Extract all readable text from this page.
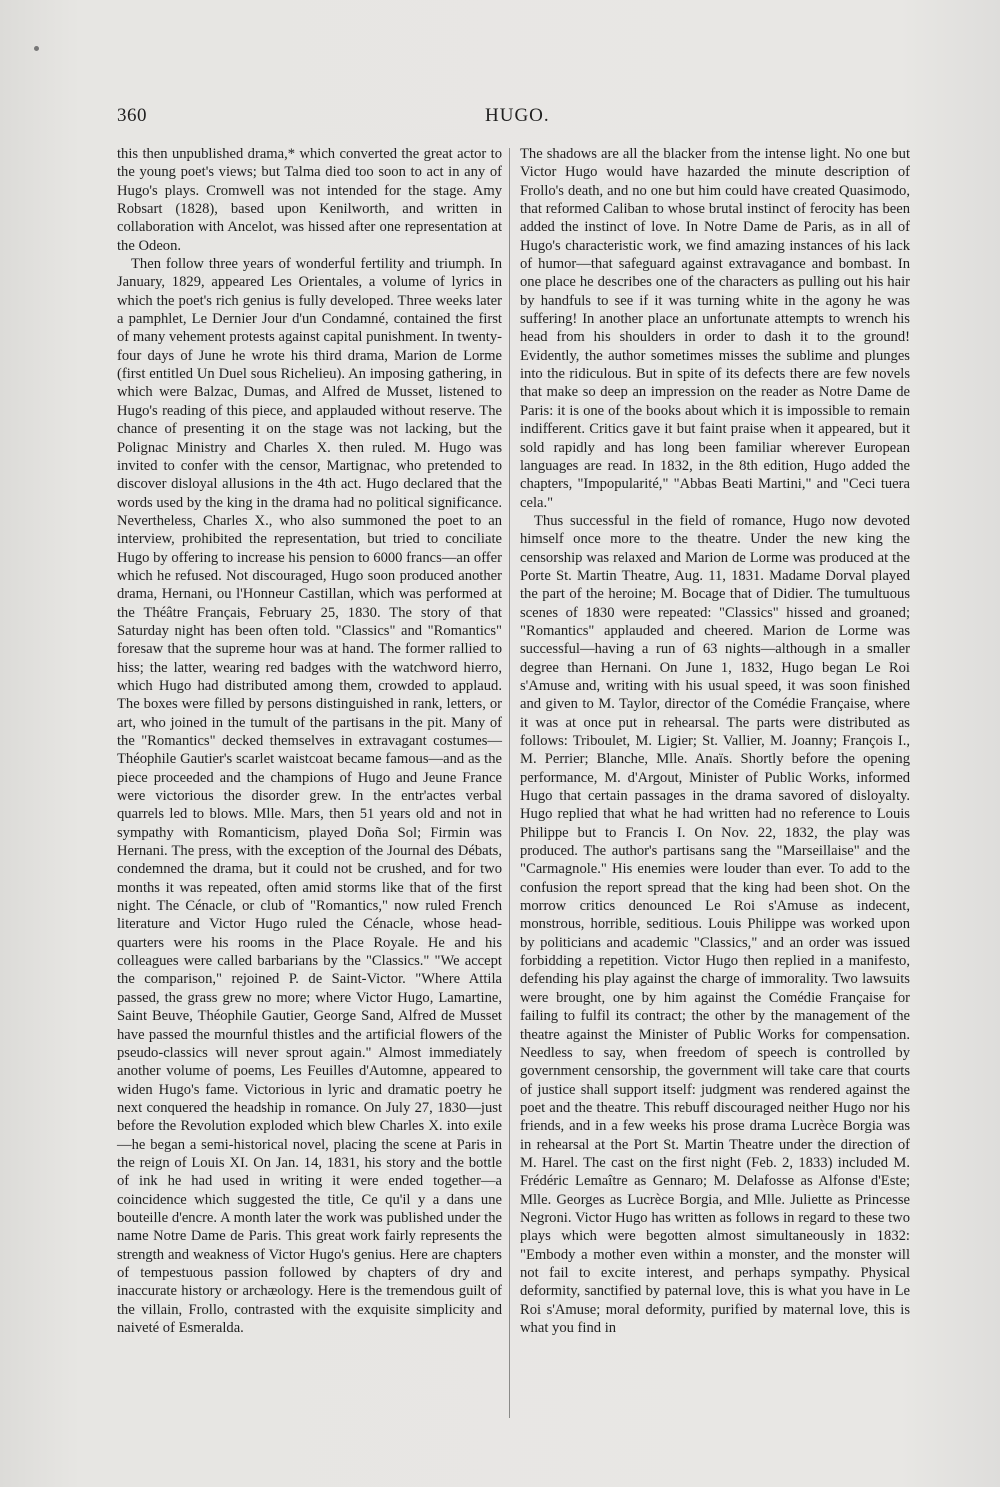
360	HUGO.

this then unpublished drama,* which converted the great actor to the young poet's views; but Talma died too soon to act in any of Hugo's plays. Cromwell was not intended for the stage. Amy Robsart (1828), based upon Kenilworth, and written in collaboration with Ancelot, was hissed after one representation at the Odeon.

Then follow three years of wonderful fertility and triumph. In January, 1829, appeared Les Orientales, a volume of lyrics in which the poet's rich genius is fully developed. Three weeks later a pamphlet, Le Dernier Jour d'un Condamné, contained the first of many vehement protests against capital punishment. In twenty-four days of June he wrote his third drama, Marion de Lorme (first entitled Un Duel sous Richelieu). An imposing gathering, in which were Balzac, Dumas, and Alfred de Musset, listened to Hugo's reading of this piece, and applauded without reserve. The chance of presenting it on the stage was not lacking, but the Polignac Ministry and Charles X. then ruled. M. Hugo was invited to confer with the censor, Martignac, who pretended to discover disloyal allusions in the 4th act. Hugo declared that the words used by the king in the drama had no political significance. Nevertheless, Charles X., who also summoned the poet to an interview, prohibited the representation, but tried to conciliate Hugo by offering to increase his pension to 6000 francs—an offer which he refused. Not discouraged, Hugo soon produced another drama, Hernani, ou l'Honneur Castillan, which was performed at the Théâtre Français, February 25, 1830. The story of that Saturday night has been often told. "Classics" and "Romantics" foresaw that the supreme hour was at hand. The former rallied to hiss; the latter, wearing red badges with the watchword hierro, which Hugo had distributed among them, crowded to applaud. The boxes were filled by persons distinguished in rank, letters, or art, who joined in the tumult of the partisans in the pit. Many of the "Romantics" decked themselves in extravagant costumes—Théophile Gautier's scarlet waistcoat became famous—and as the piece proceeded and the champions of Hugo and Jeune France were victorious the disorder grew. In the entr'actes verbal quarrels led to blows. Mlle. Mars, then 51 years old and not in sympathy with Romanticism, played Doña Sol; Firmin was Hernani. The press, with the exception of the Journal des Débats, condemned the drama, but it could not be crushed, and for two months it was repeated, often amid storms like that of the first night. The Cénacle, or club of "Romantics," now ruled French literature and Victor Hugo ruled the Cénacle, whose head-quarters were his rooms in the Place Royale. He and his colleagues were called barbarians by the "Classics." "We accept the comparison," rejoined P. de Saint-Victor. "Where Attila passed, the grass grew no more; where Victor Hugo, Lamartine, Saint Beuve, Théophile Gautier, George Sand, Alfred de Musset have passed the mournful thistles and the artificial flowers of the pseudo-classics will never sprout again." Almost immediately another volume of poems, Les Feuilles d'Automne, appeared to widen Hugo's fame. Victorious in lyric and dramatic poetry he next conquered the headship in romance. On July 27, 1830—just before the Revolution exploded which blew Charles X. into exile—he began a semi-historical novel, placing the scene at Paris in the reign of Louis XI. On Jan. 14, 1831, his story and the bottle of ink he had used in writing it were ended together—a coincidence which suggested the title, Ce qu'il y a dans une bouteille d'encre. A month later the work was published under the name Notre Dame de Paris. This great work fairly represents the strength and weakness of Victor Hugo's genius. Here are chapters of tempestuous passion followed by chapters of dry and inaccurate history or archæology. Here is the tremendous guilt of the villain, Frollo, contrasted with the exquisite simplicity and naiveté of Esmeralda.

The shadows are all the blacker from the intense light. No one but Victor Hugo would have hazarded the minute description of Frollo's death, and no one but him could have created Quasimodo, that reformed Caliban to whose brutal instinct of ferocity has been added the instinct of love. In Notre Dame de Paris, as in all of Hugo's characteristic work, we find amazing instances of his lack of humor—that safeguard against extravagance and bombast. In one place he describes one of the characters as pulling out his hair by handfuls to see if it was turning white in the agony he was suffering! In another place an unfortunate attempts to wrench his head from his shoulders in order to dash it to the ground! Evidently, the author sometimes misses the sublime and plunges into the ridiculous. But in spite of its defects there are few novels that make so deep an impression on the reader as Notre Dame de Paris: it is one of the books about which it is impossible to remain indifferent. Critics gave it but faint praise when it appeared, but it sold rapidly and has long been familiar wherever European languages are read. In 1832, in the 8th edition, Hugo added the chapters, "Impopularité," "Abbas Beati Martini," and "Ceci tuera cela."

Thus successful in the field of romance, Hugo now devoted himself once more to the theatre. Under the new king the censorship was relaxed and Marion de Lorme was produced at the Porte St. Martin Theatre, Aug. 11, 1831. Madame Dorval played the part of the heroine; M. Bocage that of Didier. The tumultuous scenes of 1830 were repeated: "Classics" hissed and groaned; "Romantics" applauded and cheered. Marion de Lorme was successful—having a run of 63 nights—although in a smaller degree than Hernani. On June 1, 1832, Hugo began Le Roi s'Amuse and, writing with his usual speed, it was soon finished and given to M. Taylor, director of the Comédie Française, where it was at once put in rehearsal. The parts were distributed as follows: Triboulet, M. Ligier; St. Vallier, M. Joanny; François I., M. Perrier; Blanche, Mlle. Anaïs. Shortly before the opening performance, M. d'Argout, Minister of Public Works, informed Hugo that certain passages in the drama savored of disloyalty. Hugo replied that what he had written had no reference to Louis Philippe but to Francis I. On Nov. 22, 1832, the play was produced. The author's partisans sang the "Marseillaise" and the "Carmagnole." His enemies were louder than ever. To add to the confusion the report spread that the king had been shot. On the morrow critics denounced Le Roi s'Amuse as indecent, monstrous, horrible, seditious. Louis Philippe was worked upon by politicians and academic "Classics," and an order was issued forbidding a repetition. Victor Hugo then replied in a manifesto, defending his play against the charge of immorality. Two lawsuits were brought, one by him against the Comédie Française for failing to fulfil its contract; the other by the management of the theatre against the Minister of Public Works for compensation. Needless to say, when freedom of speech is controlled by government censorship, the government will take care that courts of justice shall support itself: judgment was rendered against the poet and the theatre. This rebuff discouraged neither Hugo nor his friends, and in a few weeks his prose drama Lucrèce Borgia was in rehearsal at the Port St. Martin Theatre under the direction of M. Harel. The cast on the first night (Feb. 2, 1833) included M. Frédéric Lemaître as Gennaro; M. Delafosse as Alfonse d'Este; Mlle. Georges as Lucrèce Borgia, and Mlle. Juliette as Princesse Negroni. Victor Hugo has written as follows in regard to these two plays which were begotten almost simultaneously in 1832: "Embody a mother even within a monster, and the monster will not fail to excite interest, and perhaps sympathy. Physical deformity, sanctified by paternal love, this is what you have in Le Roi s'Amuse; moral deformity, purified by maternal love, this is what you find in
